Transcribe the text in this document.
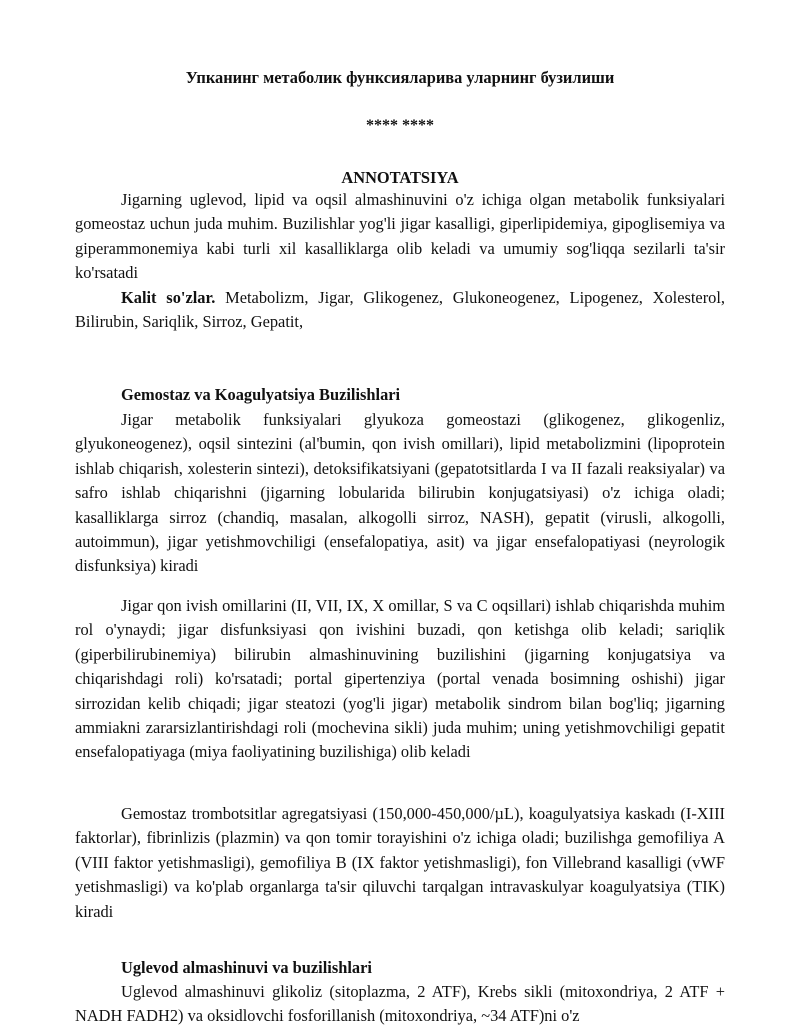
Упканинг метаболик функсияларива уларнинг бузилиши
**** ****
ANNOTATSIYA
Jigarning uglevod, lipid va oqsil almashinuvini o'z ichiga olgan metabolik funksiyalari gomeostaz uchun juda muhim. Buzilishlar yog'li jigar kasalligi, giperlipidemiya, gipoglisemiya va giperammonemiya kabi turli xil kasalliklarga olib keladi va umumiy sog'liqqa sezilarli ta'sir ko'rsatadi
Kalit so'zlar. Metabolizm, Jigar, Glikogenez, Glukoneogenez, Lipogenez, Xolesterol, Bilirubin, Sariqlik, Sirroz, Gepatit,
Gemostaz va Koagulyatsiya Buzilishlari
Jigar metabolik funksiyalari glyukoza gomeostazi (glikogenez, glikogenliz, glyukoneogenez), oqsil sintezini (al'bumin, qon ivish omillari), lipid metabolizmini (lipoprotein ishlab chiqarish, xolesterin sintezi), detoksifikatsiyani (gepatotsitlarda I va II fazali reaksiyalar) va safro ishlab chiqarishni (jigarning lobularida bilirubin konjugatsiyasi) o'z ichiga oladi; kasalliklarga sirroz (chandiq, masalan, alkogolli sirroz, NASH), gepatit (virusli, alkogolli, autoimmun), jigar yetishmovchiligi (ensefalopatiya, asit) va jigar ensefalopatiyasi (neyrologik disfunksiya) kiradi
Jigar qon ivish omillarini (II, VII, IX, X omillar, S va C oqsillari) ishlab chiqarishda muhim rol o'ynaydi; jigar disfunksiyasi qon ivishini buzadi, qon ketishga olib keladi; sariqlik (giperbilirubinemiya) bilirubin almashinuvining buzilishini (jigarning konjugatsiya va chiqarishdagi roli) ko'rsatadi; portal gipertenziya (portal venada bosimning oshishi) jigar sirrozidan kelib chiqadi; jigar steatozi (yog'li jigar) metabolik sindrom bilan bog'liq; jigarning ammiakni zararsizlantirishdagi roli (mochevina sikli) juda muhim; uning yetishmovchiligi gepatit ensefalopatiyaga (miya faoliyatining buzilishiga) olib keladi
Gemostaz trombotsitlar agregatsiyasi (150,000-450,000/µL), koagulyatsiya kaskadı (I-XIII faktorlar), fibrinlizis (plazmin) va qon tomir torayishini o'z ichiga oladi; buzilishga gemofiliya A (VIII faktor yetishmasligi), gemofiliya B (IX faktor yetishmasligi), fon Villebrand kasalligi (vWF yetishmasligi) va ko'plab organlarga ta'sir qiluvchi tarqalgan intravaskulyar koagulyatsiya (TIK) kiradi
Uglevod almashinuvi va buzilishlari
Uglevod almashinuvi glikoliz (sitoplazma, 2 ATF), Krebs sikli (mitoxondriya, 2 ATF + NADH FADH2) va oksidlovchi fosforillanish (mitoxondriya, ~34 ATF)ni o'z
